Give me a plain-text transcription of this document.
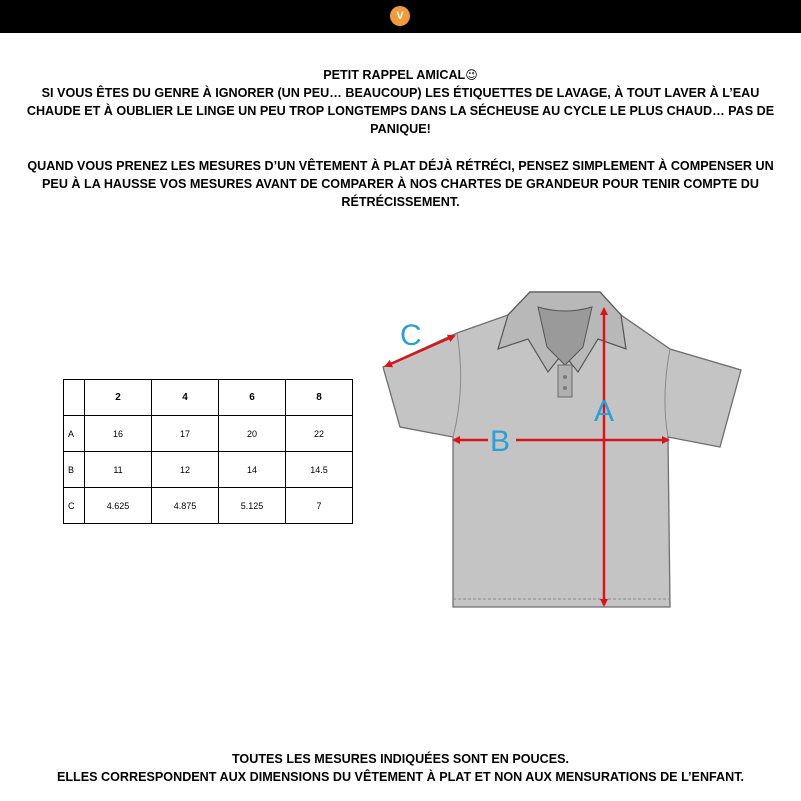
V

PETIT RAPPEL AMICAL😉

SI VOUS ÊTES DU GENRE À IGNORER (UN PEU… BEAUCOUP) LES ÉTIQUETTES DE LAVAGE, À TOUT LAVER À L’EAU CHAUDE ET À OUBLIER LE LINGE UN PEU TROP LONGTEMPS DANS LA SÉCHEUSE AU CYCLE LE PLUS CHAUD… PAS DE PANIQUE!

QUAND VOUS PRENEZ LES MESURES D’UN VÊTEMENT À PLAT DÉJÀ RÉTRÉCI, PENSEZ SIMPLEMENT À COMPENSER UN PEU À LA HAUSSE VOS MESURES AVANT DE COMPARER À NOS CHARTES DE GRANDEUR POUR TENIR COMPTE DU RÉTRÉCISSEMENT.

	2	4	6	8
A	16	17	20	22
B	11	12	14	14.5
C	4.625	4.875	5.125	7
A
B
C

TOUTES LES MESURES INDIQUÉES SONT EN POUCES.

ELLES CORRESPONDENT AUX DIMENSIONS DU VÊTEMENT À PLAT ET NON AUX MENSURATIONS DE L’ENFANT.
